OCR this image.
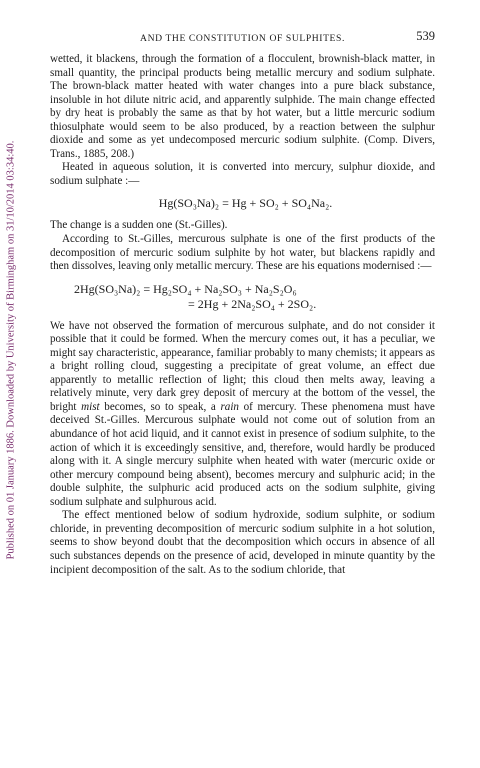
Published on 01 January 1886. Downloaded by University of Birmingham on 31/10/2014 03:34:40.
AND THE CONSTITUTION OF SULPHITES.	539

wetted, it blackens, through the formation of a flocculent, brownish-black matter, in small quantity, the principal products being metallic mercury and sodium sulphate. The brown-black matter heated with water changes into a pure black substance, insoluble in hot dilute nitric acid, and apparently sulphide. The main change effected by dry heat is probably the same as that by hot water, but a little mercuric sodium thiosulphate would seem to be also produced, by a reaction between the sulphur dioxide and some as yet undecomposed mercuric sodium sulphite. (Comp. Divers, Trans., 1885, 208.)

Heated in aqueous solution, it is converted into mercury, sulphur dioxide, and sodium sulphate :—

Hg(SO₃Na)₂ = Hg + SO₂ + SO₄Na₂.

The change is a sudden one (St.-Gilles).

According to St.-Gilles, mercurous sulphate is one of the first products of the decomposition of mercuric sodium sulphite by hot water, but blackens rapidly and then dissolves, leaving only metallic mercury. These are his equations modernised :—

2Hg(SO₃Na)₂ = Hg₂SO₄ + Na₂SO₃ + Na₂S₂O₆
= 2Hg + 2Na₂SO₄ + 2SO₂.

We have not observed the formation of mercurous sulphate, and do not consider it possible that it could be formed. When the mercury comes out, it has a peculiar, we might say characteristic, appearance, familiar probably to many chemists; it appears as a bright rolling cloud, suggesting a precipitate of great volume, an effect due apparently to metallic reflection of light; this cloud then melts away, leaving a relatively minute, very dark grey deposit of mercury at the bottom of the vessel, the bright mist becomes, so to speak, a rain of mercury. These phenomena must have deceived St.-Gilles. Mercurous sulphate would not come out of solution from an abundance of hot acid liquid, and it cannot exist in presence of sodium sulphite, to the action of which it is exceedingly sensitive, and, therefore, would hardly be produced along with it. A single mercury sulphite when heated with water (mercuric oxide or other mercury compound being absent), becomes mercury and sulphuric acid; in the double sulphite, the sulphuric acid produced acts on the sodium sulphite, giving sodium sulphate and sulphurous acid.

The effect mentioned below of sodium hydroxide, sodium sulphite, or sodium chloride, in preventing decomposition of mercuric sodium sulphite in a hot solution, seems to show beyond doubt that the decomposition which occurs in absence of all such substances depends on the presence of acid, developed in minute quantity by the incipient decomposition of the salt. As to the sodium chloride, that
